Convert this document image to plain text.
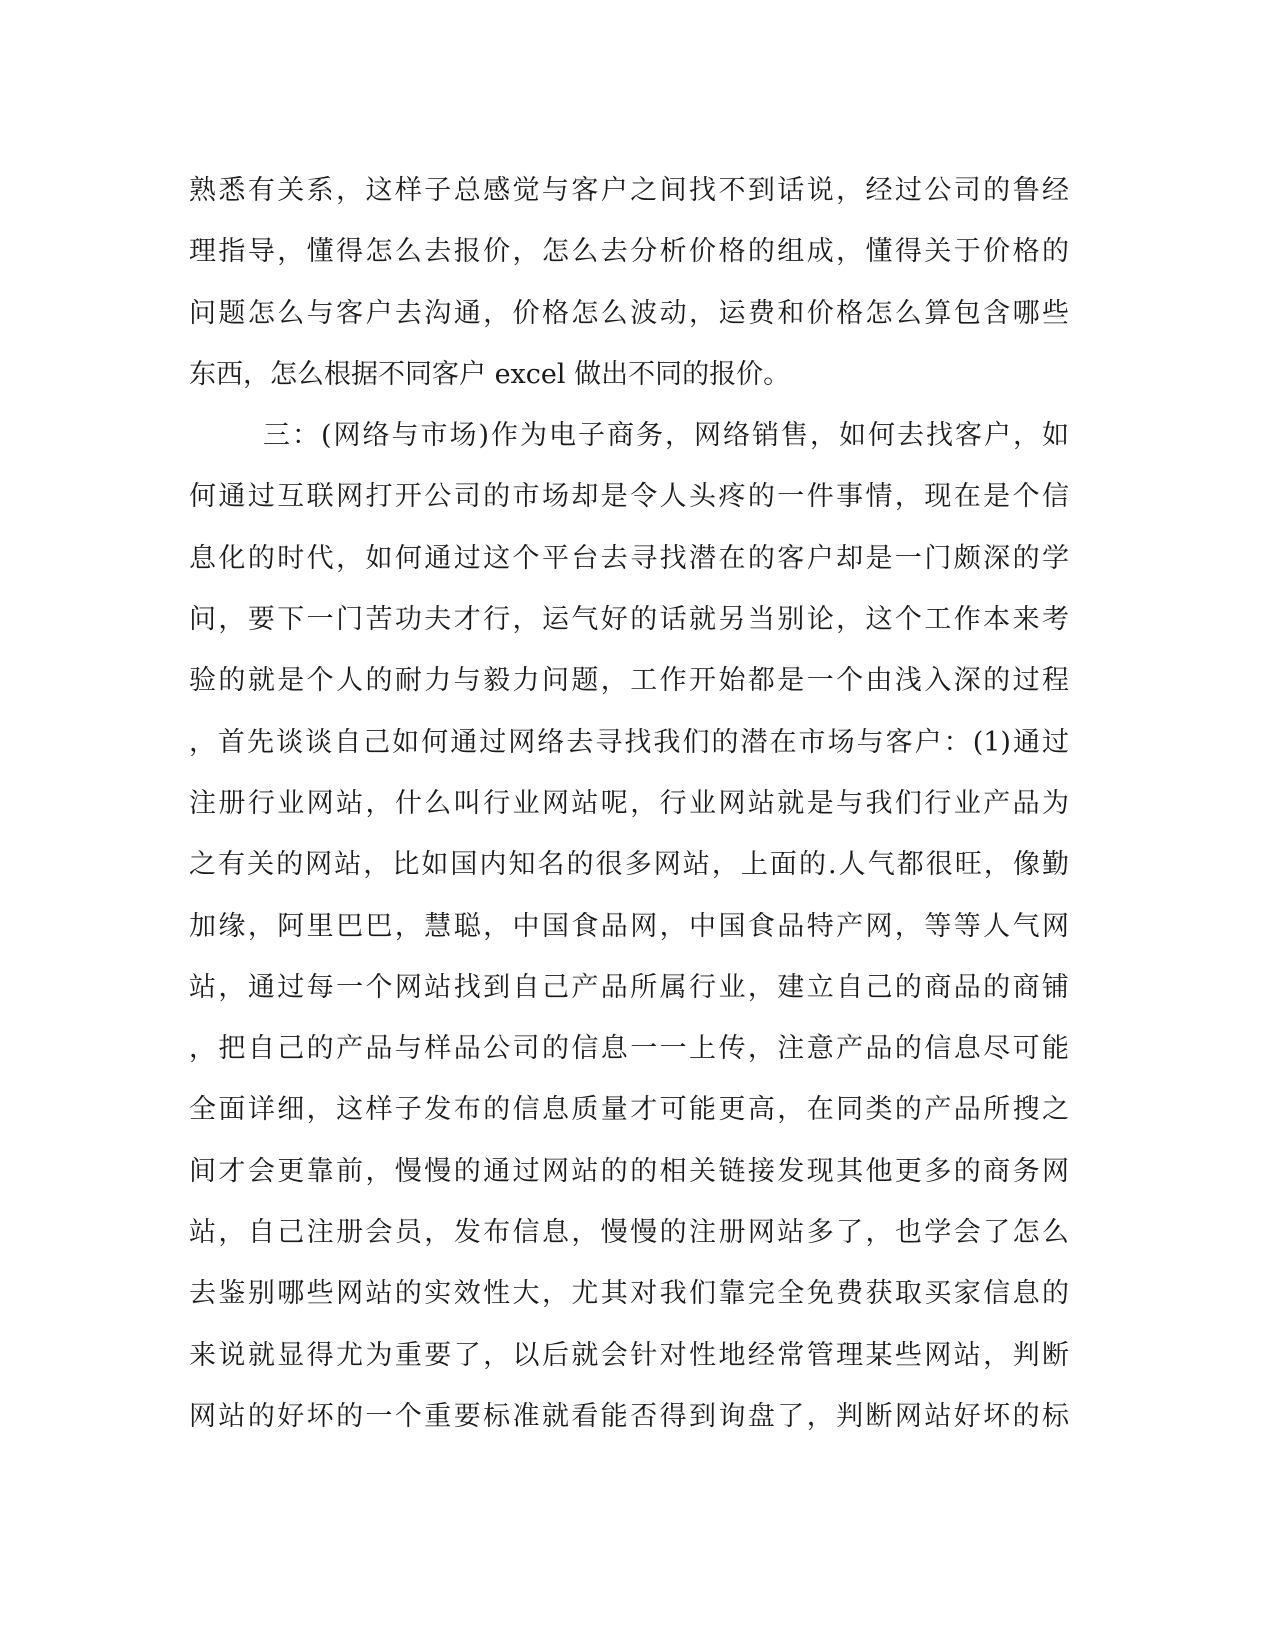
熟悉有关系，这样子总感觉与客户之间找不到话说，经过公司的鲁经
理指导，懂得怎么去报价，怎么去分析价格的组成，懂得关于价格的
问题怎么与客户去沟通，价格怎么波动，运费和价格怎么算包含哪些
东西，怎么根据不同客户 excel 做出不同的报价。
三：(网络与市场)作为电子商务，网络销售，如何去找客户，如
何通过互联网打开公司的市场却是令人头疼的一件事情，现在是个信
息化的时代，如何通过这个平台去寻找潜在的客户却是一门颇深的学
问，要下一门苦功夫才行，运气好的话就另当别论，这个工作本来考
验的就是个人的耐力与毅力问题，工作开始都是一个由浅入深的过程
，首先谈谈自己如何通过网络去寻找我们的潜在市场与客户：(1)通过
注册行业网站，什么叫行业网站呢，行业网站就是与我们行业产品为
之有关的网站，比如国内知名的很多网站，上面的.人气都很旺，像勤
加缘，阿里巴巴，慧聪，中国食品网，中国食品特产网，等等人气网
站，通过每一个网站找到自己产品所属行业，建立自己的商品的商铺
，把自己的产品与样品公司的信息一一上传，注意产品的信息尽可能
全面详细，这样子发布的信息质量才可能更高，在同类的产品所搜之
间才会更靠前，慢慢的通过网站的的相关链接发现其他更多的商务网
站，自己注册会员，发布信息，慢慢的注册网站多了，也学会了怎么
去鉴别哪些网站的实效性大，尤其对我们靠完全免费获取买家信息的
来说就显得尤为重要了，以后就会针对性地经常管理某些网站，判断
网站的好坏的一个重要标准就看能否得到询盘了，判断网站好坏的标
